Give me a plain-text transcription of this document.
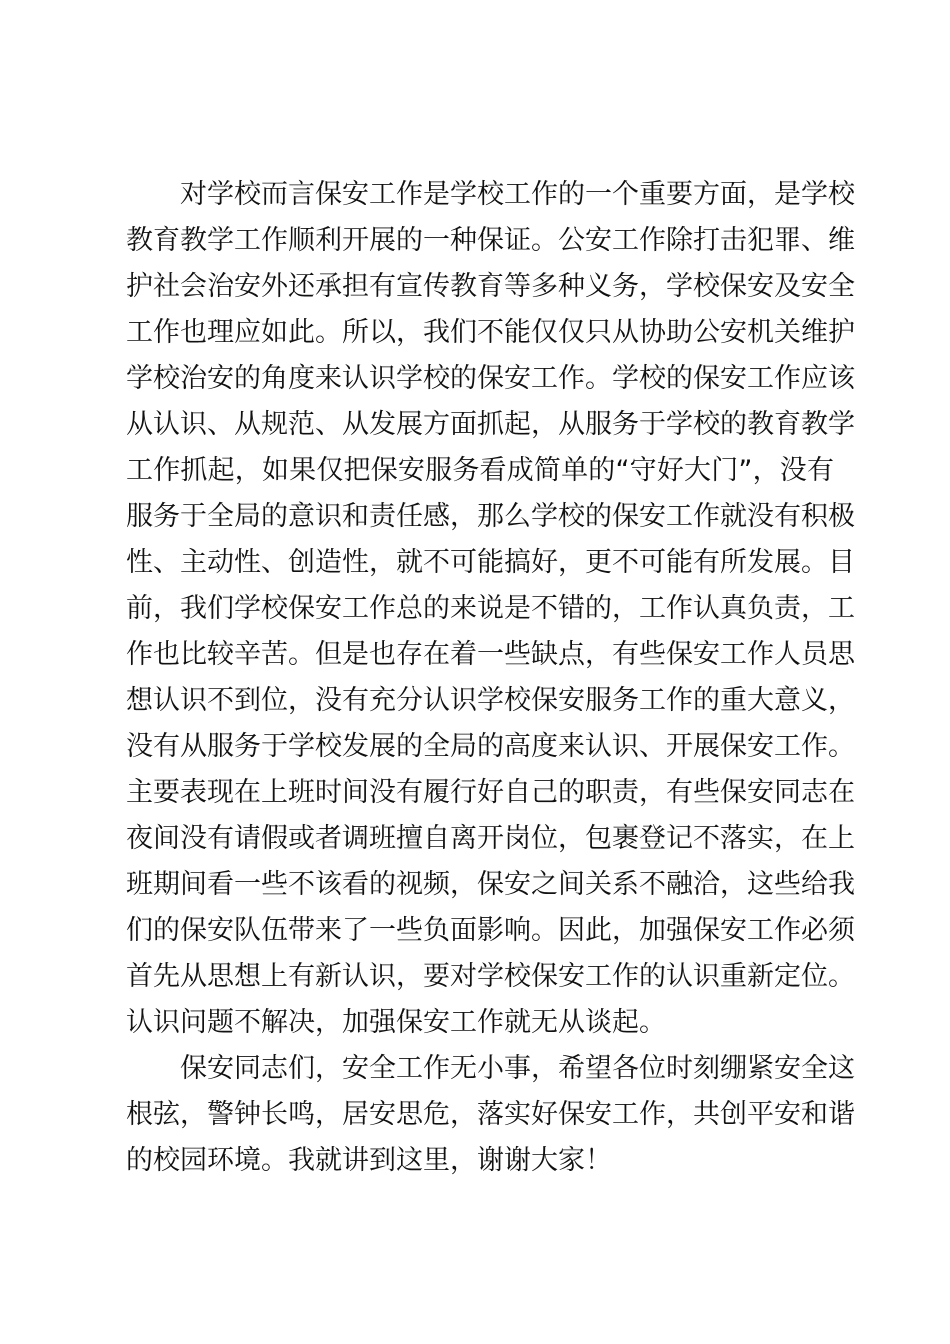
对学校而言保安工作是学校工作的一个重要方面，是学校
教育教学工作顺利开展的一种保证。公安工作除打击犯罪、维
护社会治安外还承担有宣传教育等多种义务，学校保安及安全
工作也理应如此。所以，我们不能仅仅只从协助公安机关维护
学校治安的角度来认识学校的保安工作。学校的保安工作应该
从认识、从规范、从发展方面抓起，从服务于学校的教育教学
工作抓起，如果仅把保安服务看成简单的“守好大门”，没有
服务于全局的意识和责任感，那么学校的保安工作就没有积极
性、主动性、创造性，就不可能搞好，更不可能有所发展。目
前，我们学校保安工作总的来说是不错的，工作认真负责，工
作也比较辛苦。但是也存在着一些缺点，有些保安工作人员思
想认识不到位，没有充分认识学校保安服务工作的重大意义，
没有从服务于学校发展的全局的高度来认识、开展保安工作。
主要表现在上班时间没有履行好自己的职责，有些保安同志在
夜间没有请假或者调班擅自离开岗位，包裹登记不落实，在上
班期间看一些不该看的视频，保安之间关系不融洽，这些给我
们的保安队伍带来了一些负面影响。因此，加强保安工作必须
首先从思想上有新认识，要对学校保安工作的认识重新定位。
认识问题不解决，加强保安工作就无从谈起。
保安同志们，安全工作无小事，希望各位时刻绷紧安全这
根弦，警钟长鸣，居安思危，落实好保安工作，共创平安和谐
的校园环境。我就讲到这里，谢谢大家！
